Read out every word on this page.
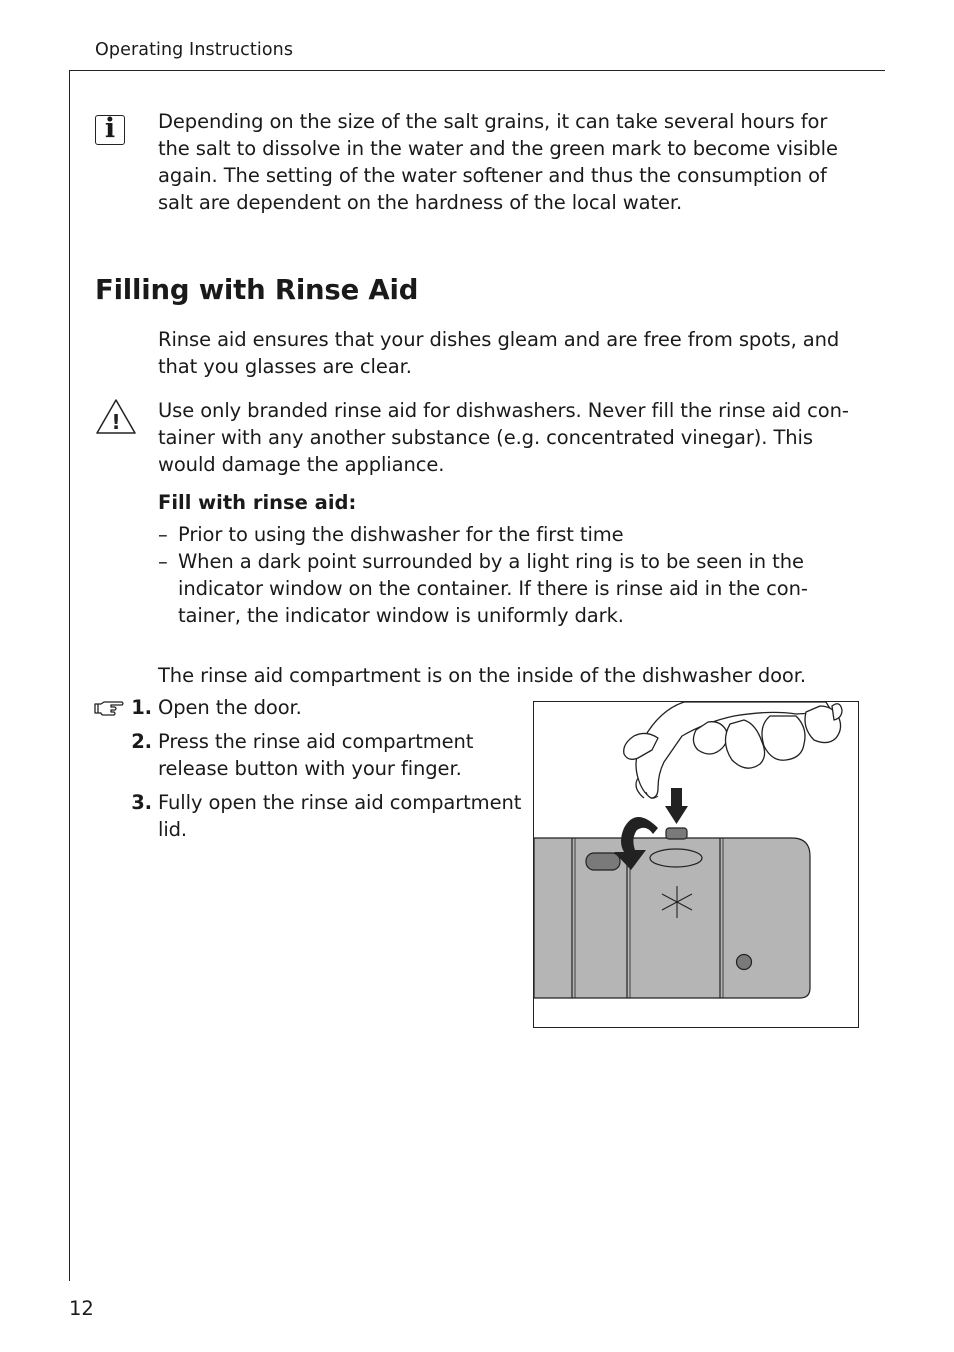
Operating Instructions
i	Depending on the size of the salt grains, it can take several hours for
the salt to dissolve in the water and the green mark to become visible
again. The setting of the water softener and thus the consumption of
salt are dependent on the hardness of the local water.
Filling with Rinse Aid
Rinse aid ensures that your dishes gleam and are free from spots, and
that you glasses are clear.
! Use only branded rinse aid for dishwashers. Never fill the rinse aid con-
tainer with any another substance (e.g. concentrated vinegar). This
would damage the appliance.
Fill with rinse aid:
– Prior to using the dishwasher for the first time
– When a dark point surrounded by a light ring is to be seen in the
indicator window on the container. If there is rinse aid in the con-
tainer, the indicator window is uniformly dark.
The rinse aid compartment is on the inside of the dishwasher door.
1. Open the door.
2. Press the rinse aid compartment
release button with your finger.
3. Fully open the rinse aid compartment
lid.
12
